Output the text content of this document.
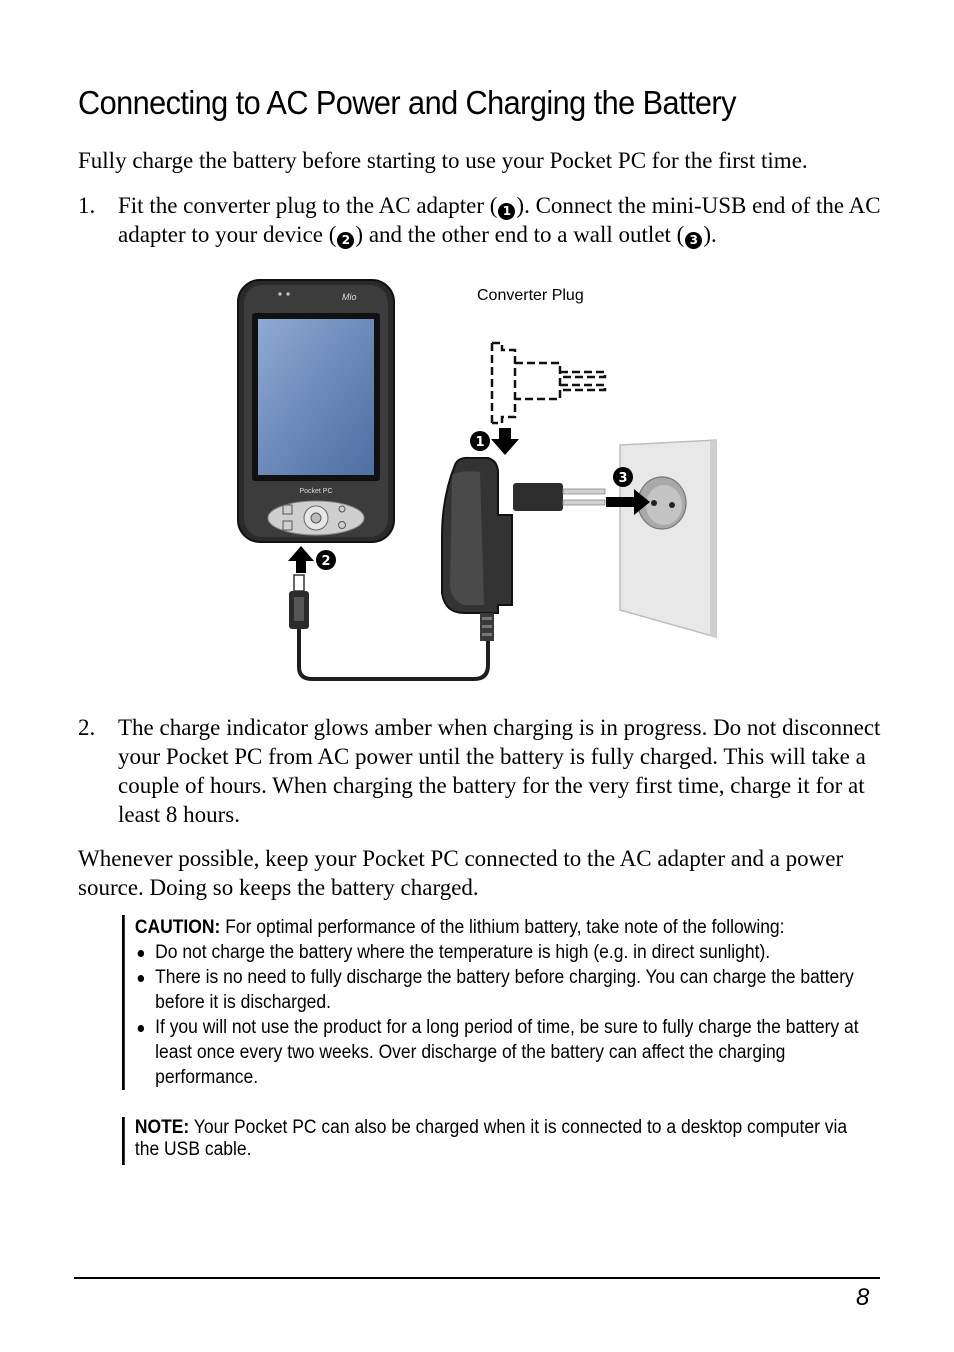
Connecting to AC Power and Charging the Battery

Fully charge the battery before starting to use your Pocket PC for the first time.

1. Fit the converter plug to the AC adapter ( 1 ). Connect the mini-USB end of the AC adapter to your device ( 2 ) and the other end to a wall outlet ( 3 ).
Converter Plug
Mio
Pocket PC
2
1
3
2. The charge indicator glows amber when charging is in progress. Do not disconnect your Pocket PC from AC power until the battery is fully charged. This will take a couple of hours. When charging the battery for the very first time, charge it for at least 8 hours.

Whenever possible, keep your Pocket PC connected to the AC adapter and a power source. Doing so keeps the battery charged.

CAUTION: For optimal performance of the lithium battery, take note of the following:
Do not charge the battery where the temperature is high (e.g. in direct sunlight).
There is no need to fully discharge the battery before charging. You can charge the battery before it is discharged.
If you will not use the product for a long period of time, be sure to fully charge the battery at least once every two weeks. Over discharge of the battery can affect the charging performance.
NOTE: Your Pocket PC can also be charged when it is connected to a desktop computer via the USB cable.
8
